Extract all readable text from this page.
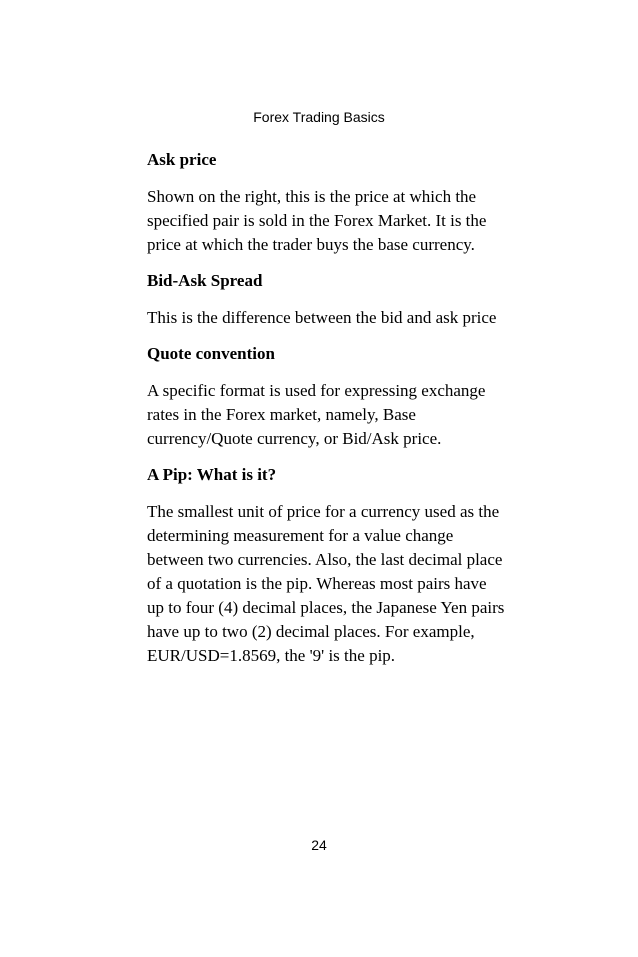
Forex Trading Basics

Ask price

Shown on the right, this is the price at which the specified pair is sold in the Forex Market. It is the price at which the trader buys the base currency.

Bid-Ask Spread

This is the difference between the bid and ask price

Quote convention

A specific format is used for expressing exchange rates in the Forex market, namely, Base currency/Quote currency, or Bid/Ask price.

A Pip: What is it?

The smallest unit of price for a currency used as the determining measurement for a value change between two currencies. Also, the last decimal place of a quotation is the pip. Whereas most pairs have up to four (4) decimal places, the Japanese Yen pairs have up to two (2) decimal places. For example, EUR/USD=1.8569, the '9' is the pip.

24
